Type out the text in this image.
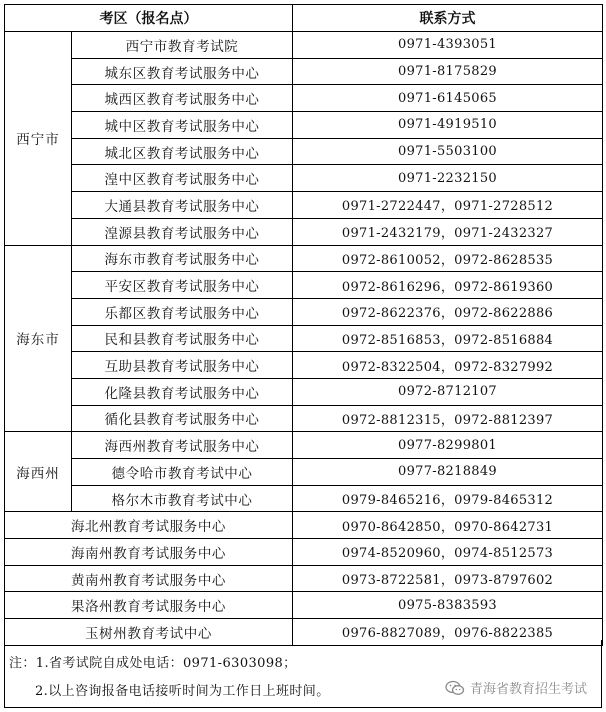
考区（报名点）		联系方式
西宁市	西宁市教育考试院	0971-4393051
	城东区教育考试服务中心	0971-8175829
	城西区教育考试服务中心	0971-6145065
	城中区教育考试服务中心	0971-4919510
	城北区教育考试服务中心	0971-5503100
	湟中区教育考试服务中心	0971-2232150
	大通县教育考试服务中心	0971-2722447，0971-2728512
	湟源县教育考试服务中心	0971-2432179，0971-2432327
海东市	海东市教育考试服务中心	0972-8610052，0972-8628535
	平安区教育考试服务中心	0972-8616296，0972-8619360
	乐都区教育考试服务中心	0972-8622376，0972-8622886
	民和县教育考试服务中心	0972-8516853，0972-8516884
	互助县教育考试服务中心	0972-8322504，0972-8327992
	化隆县教育考试服务中心	0972-8712107
	循化县教育考试服务中心	0972-8812315，0972-8812397
海西州	海西州教育考试服务中心	0977-8299801
	德令哈市教育考试中心	0977-8218849
	格尔木市教育考试中心	0979-8465216，0979-8465312
海北州教育考试服务中心		0970-8642850，0970-8642731
海南州教育考试服务中心		0974-8520960，0974-8512573
黄南州教育考试服务中心		0973-8722581，0973-8797602
果洛州教育考试服务中心		0975-8383593
玉树州教育考试中心		0976-8827089，0976-8822385
注：1.省考试院自成处电话：0971-6303098；
2.以上咨询报备电话接听时间为工作日上班时间。	青海省教育招生考试
